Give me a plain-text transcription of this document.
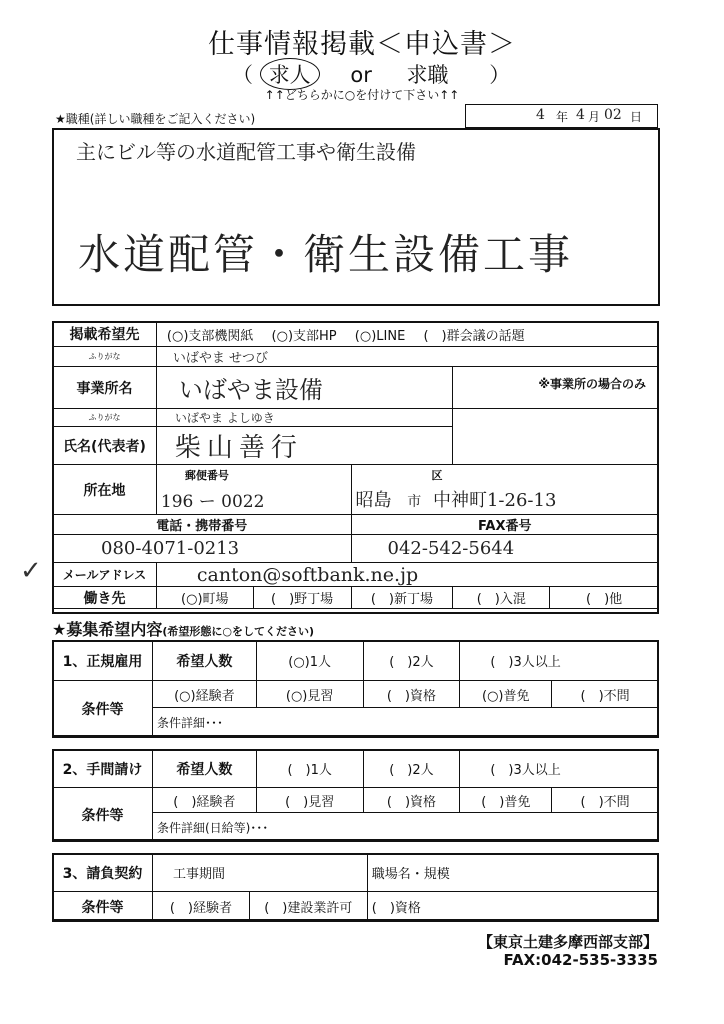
仕事情報掲載＜申込書＞
（ 求人 or 求職 ）
↑↑どちらかに○を付けて下さい↑↑
★職種(詳しい職種をご記入ください)	4 年 4 月 02 日
主にビル等の水道配管工事や衛生設備
水道配管・衛生設備工事
掲載希望先	(○)支部機関紙 (○)支部HP (○)LINE (　)群会議の話題				
ふりがな	いばやま せつび				
事業所名	いばやま設備			※事業所の場合のみ	
ふりがな	いばやま よしゆき				
氏名(代表者)	柴山善行				
所在地	郵便番号		区		
	196 ー 0022		昭島 市 中神町1-26-13		
電話・携帯番号			FAX番号		
080-4071-0213			042-542-5644		
メールアドレス	canton@softbank.ne.jp				
働き先	(○)町場	(　)野丁場	(　)新丁場	(　)入混	(　)他
✓
★募集希望内容(希望形態に○をしてください)
1、正規雇用	希望人数	(○)1人	(　)2人	(　)3人以上	
条件等	(○)経験者	(○)見習	(　)資格	(○)普免	(　)不問
	条件詳細･･･				
2、手間請け	希望人数	(　)1人	(　)2人	(　)3人以上	
条件等	(　)経験者	(　)見習	(　)資格	(　)普免	(　)不問
	条件詳細(日給等)･･･				
3、請負契約	工事期間		職場名・規模
条件等	(　)経験者	(　)建設業許可	(　)資格
【東京土建多摩西部支部】
FAX:042-535-3335
